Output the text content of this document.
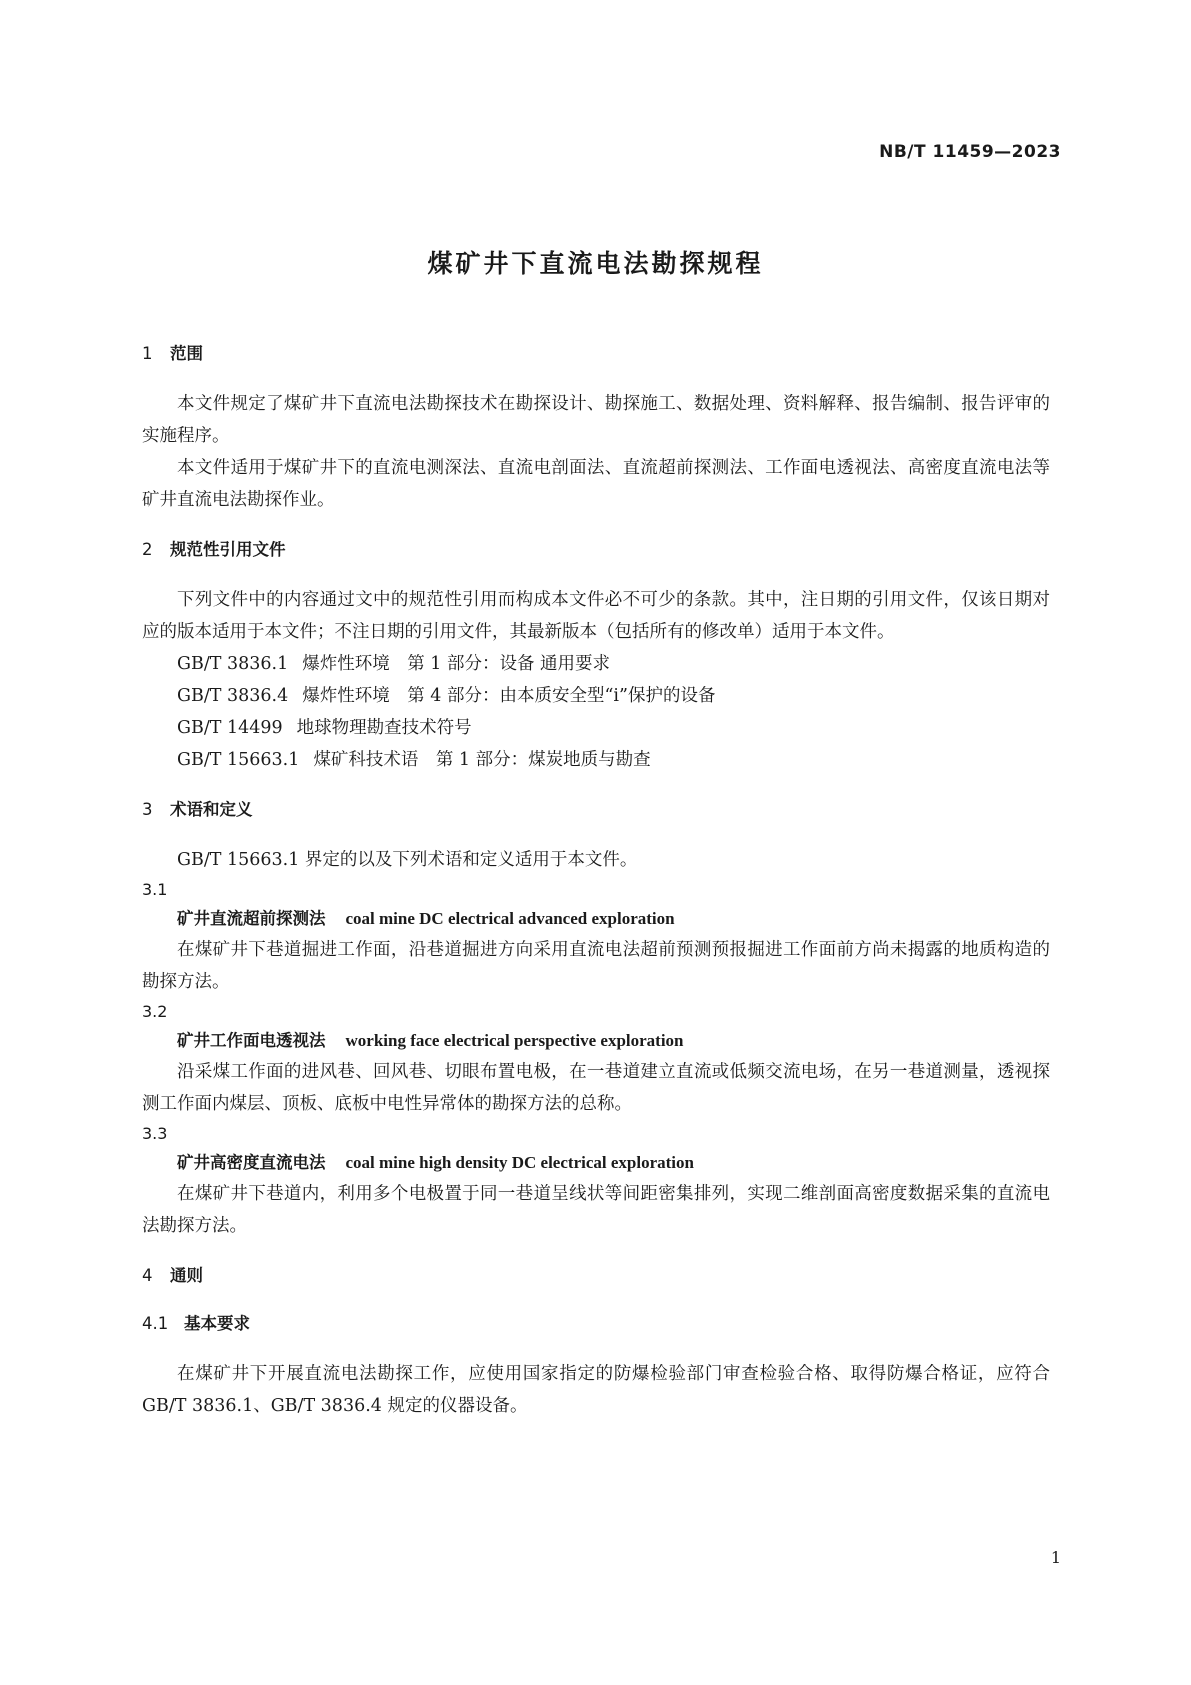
NB/T 11459—2023
煤矿井下直流电法勘探规程

1 范围

本文件规定了煤矿井下直流电法勘探技术在勘探设计、勘探施工、数据处理、资料解释、报告编制、报告评审的实施程序。

本文件适用于煤矿井下的直流电测深法、直流电剖面法、直流超前探测法、工作面电透视法、高密度直流电法等矿井直流电法勘探作业。

2 规范性引用文件

下列文件中的内容通过文中的规范性引用而构成本文件必不可少的条款。其中，注日期的引用文件，仅该日期对应的版本适用于本文件；不注日期的引用文件，其最新版本（包括所有的修改单）适用于本文件。

GB/T 3836.1 爆炸性环境　第 1 部分：设备 通用要求

GB/T 3836.4 爆炸性环境　第 4 部分：由本质安全型“i”保护的设备

GB/T 14499 地球物理勘查技术符号

GB/T 15663.1 煤矿科技术语　第 1 部分：煤炭地质与勘查

3 术语和定义

GB/T 15663.1 界定的以及下列术语和定义适用于本文件。

3.1

矿井直流超前探测法 coal mine DC electrical advanced exploration

在煤矿井下巷道掘进工作面，沿巷道掘进方向采用直流电法超前预测预报掘进工作面前方尚未揭露的地质构造的勘探方法。

3.2

矿井工作面电透视法 working face electrical perspective exploration

沿采煤工作面的进风巷、回风巷、切眼布置电极，在一巷道建立直流或低频交流电场，在另一巷道测量，透视探测工作面内煤层、顶板、底板中电性异常体的勘探方法的总称。

3.3

矿井高密度直流电法 coal mine high density DC electrical exploration

在煤矿井下巷道内，利用多个电极置于同一巷道呈线状等间距密集排列，实现二维剖面高密度数据采集的直流电法勘探方法。

4 通则

4.1 基本要求

在煤矿井下开展直流电法勘探工作，应使用国家指定的防爆检验部门审查检验合格、取得防爆合格证，应符合 GB/T 3836.1、GB/T 3836.4 规定的仪器设备。

1
